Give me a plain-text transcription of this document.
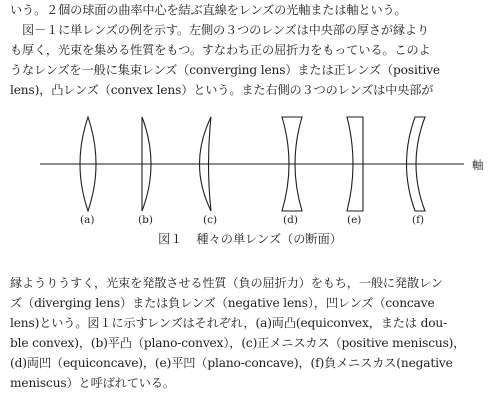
いう。２個の球面の曲率中心を結ぶ直線をレンズの光軸または軸という。
　図－１に単レンズの例を示す。左側の３つのレンズは中央部の厚さが縁より
も厚く，光束を集める性質をもつ。すなわち正の屈折力をもっている。このよ
うなレンズを一般に集束レンズ（converging lens）または正レンズ（positive
lens)，凸レンズ（convex lens）という。また右側の３つのレンズは中央部が
軸
(a)	(b)	(c)	(d)	(e)	(f)
図１ 種々の単レンズ（の断面）
縁ようりうすく，光束を発散させる性質（負の屈折力）をもち，一般に発散レン
ズ（diverging lens）または負レンズ（negative lens），凹レンズ（concave
lens)という。図１に示すレンズはそれぞれ，(a)両凸(equiconvex，または dou-
ble convex)，(b)平凸（plano-convex），(c)正メニスカス（positive meniscus)，
(d)両凹（equiconcave)，(e)平凹（plano-concave)，(f)負メニスカス(negative
meniscus）と呼ばれている。
